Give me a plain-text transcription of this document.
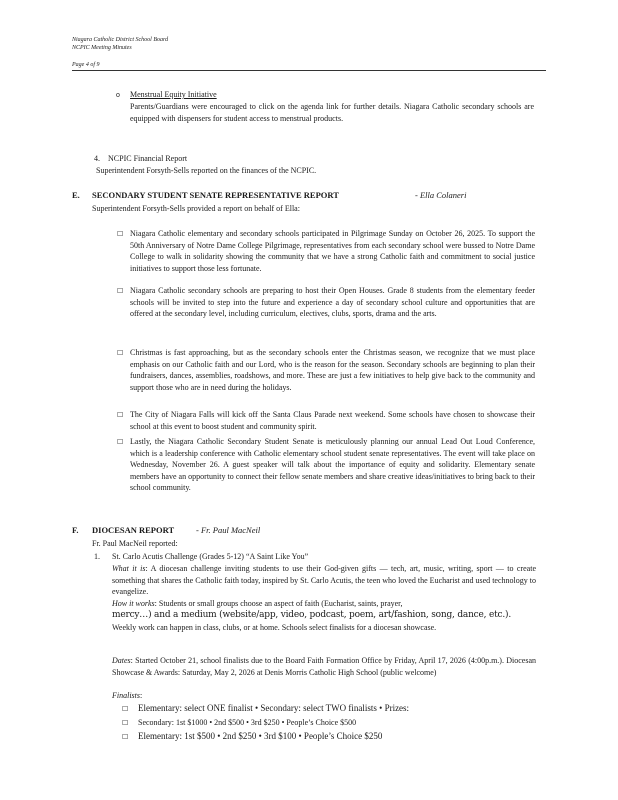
Niagara Catholic District School Board
NCPIC Meeting Minutes
Page 4 of 9
o Menstrual Equity Initiative
Parents/Guardians were encouraged to click on the agenda link for further details. Niagara Catholic secondary schools are equipped with dispensers for student access to menstrual products.
4. NCPIC Financial Report
Superintendent Forsyth-Sells reported on the finances of the NCPIC.
E. SECONDARY STUDENT SENATE REPRESENTATIVE REPORT	- Ella Colaneri
Superintendent Forsyth-Sells provided a report on behalf of Ella:
☐ Niagara Catholic elementary and secondary schools participated in Pilgrimage Sunday on October 26, 2025. To support the 50th Anniversary of Notre Dame College Pilgrimage, representatives from each secondary school were bussed to Notre Dame College to walk in solidarity showing the community that we have a strong Catholic faith and commitment to social justice initiatives to support those less fortunate.
☐ Niagara Catholic secondary schools are preparing to host their Open Houses. Grade 8 students from the elementary feeder schools will be invited to step into the future and experience a day of secondary school culture and opportunities that are offered at the secondary level, including curriculum, electives, clubs, sports, drama and the arts.
☐ Christmas is fast approaching, but as the secondary schools enter the Christmas season, we recognize that we must place emphasis on our Catholic faith and our Lord, who is the reason for the season. Secondary schools are beginning to plan their fundraisers, dances, assemblies, roadshows, and more. These are just a few initiatives to help give back to the community and support those who are in need during the holidays.
☐ The City of Niagara Falls will kick off the Santa Claus Parade next weekend. Some schools have chosen to showcase their school at this event to boost student and community spirit.
☐ Lastly, the Niagara Catholic Secondary Student Senate is meticulously planning our annual Lead Out Loud Conference, which is a leadership conference with Catholic elementary school student senate representatives. The event will take place on Wednesday, November 26. A guest speaker will talk about the importance of equity and solidarity. Elementary senate members have an opportunity to connect their fellow senate members and share creative ideas/initiatives to bring back to their school community.
F. DIOCESAN REPORT	- Fr. Paul MacNeil
Fr. Paul MacNeil reported:
1. St. Carlo Acutis Challenge (Grades 5-12) “A Saint Like You”
What it is: A diocesan challenge inviting students to use their God-given gifts — tech, art, music, writing, sport — to create something that shares the Catholic faith today, inspired by St. Carlo Acutis, the teen who loved the Eucharist and used technology to evangelize.
How it works: Students or small groups choose an aspect of faith (Eucharist, saints, prayer,
mercy…) and a medium (website/app, video, podcast, poem, art/fashion, song, dance, etc.).
Weekly work can happen in class, clubs, or at home. Schools select finalists for a diocesan showcase.
Dates: Started October 21, school finalists due to the Board Faith Formation Office by Friday, April 17, 2026 (4:00p.m.). Diocesan Showcase & Awards: Saturday, May 2, 2026 at Denis Morris Catholic High School (public welcome)
Finalists:
☐ Elementary: select ONE finalist • Secondary: select TWO finalists • Prizes:
☐ Secondary: 1st $1000 • 2nd $500 • 3rd $250 • People’s Choice $500
☐ Elementary: 1st $500 • 2nd $250 • 3rd $100 • People’s Choice $250
